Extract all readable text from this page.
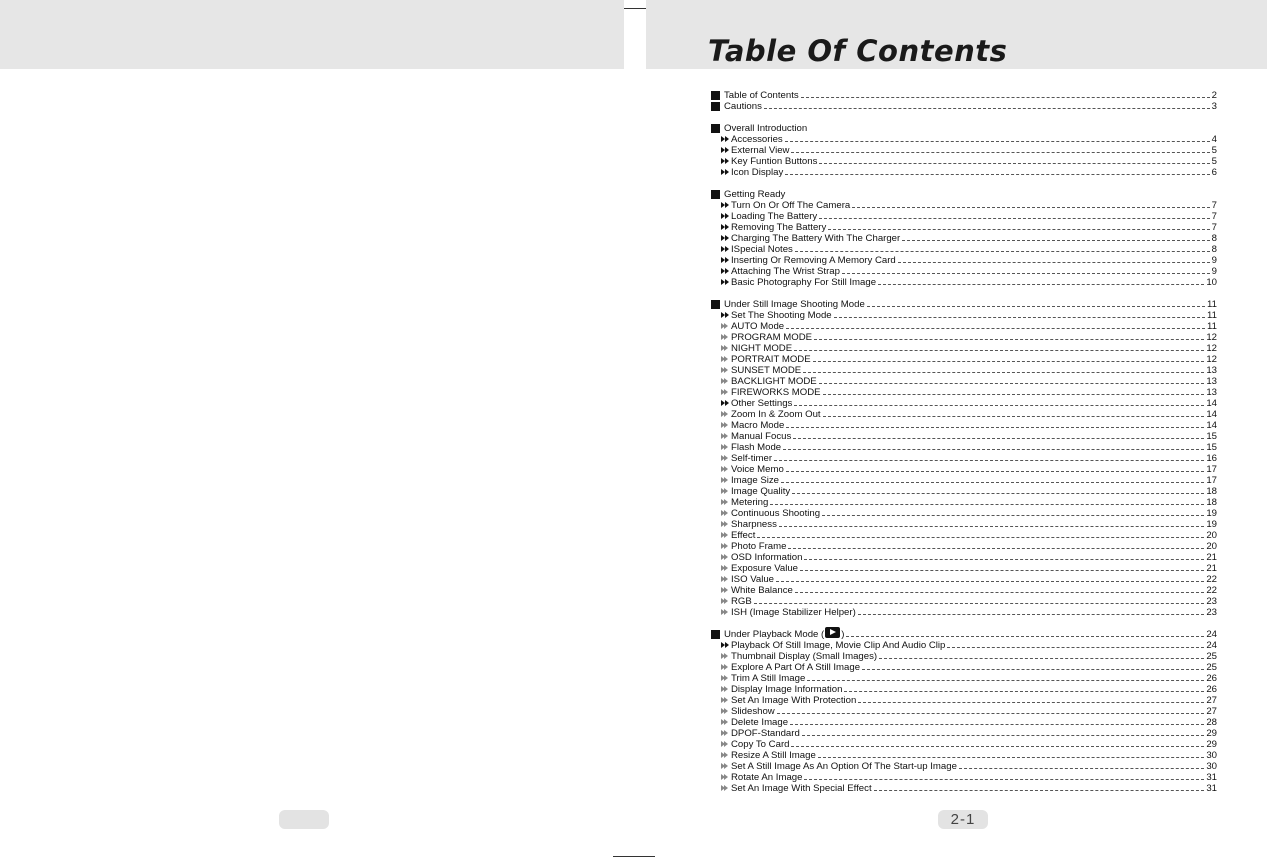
Table Of Contents
Table of Contents	2
Cautions	3
Overall Introduction
Accessories	4
External View	5
Key Funtion Buttons	5
Icon Display	6
Getting Ready
Turn On Or Off The Camera	7
Loading The Battery	7
Removing The Battery	7
Charging The Battery With The Charger	8
ISpecial Notes	8
Inserting Or Removing A Memory Card	9
Attaching The Wrist Strap	9
Basic Photography For Still Image	10
Under Still Image Shooting Mode	11
Set The Shooting Mode	11
AUTO Mode	11
PROGRAM MODE	12
NIGHT MODE	12
PORTRAIT MODE	12
SUNSET MODE	13
BACKLIGHT MODE	13
FIREWORKS MODE	13
Other Settings	14
Zoom In & Zoom Out	14
Macro Mode	14
Manual Focus	15
Flash Mode	15
Self-timer	16
Voice Memo	17
Image Size	17
Image Quality	18
Metering	18
Continuous Shooting	19
Sharpness	19
Effect	20
Photo Frame	20
OSD Information	21
Exposure Value	21
ISO Value	22
White Balance	22
RGB	23
ISH (Image Stabilizer Helper)	23
Under Playback Mode ( )	24
Playback Of Still Image, Movie Clip And Audio Clip	24
Thumbnail Display (Small Images)	25
Explore A Part Of A Still Image	25
Trim A Still Image	26
Display Image Information	26
Set An Image With Protection	27
Slideshow	27
Delete Image	28
DPOF-Standard	29
Copy To Card	29
Resize A Still Image	30
Set A Still Image As An Option Of The Start-up Image	30
Rotate An Image	31
Set An Image With Special Effect	31
2-1
